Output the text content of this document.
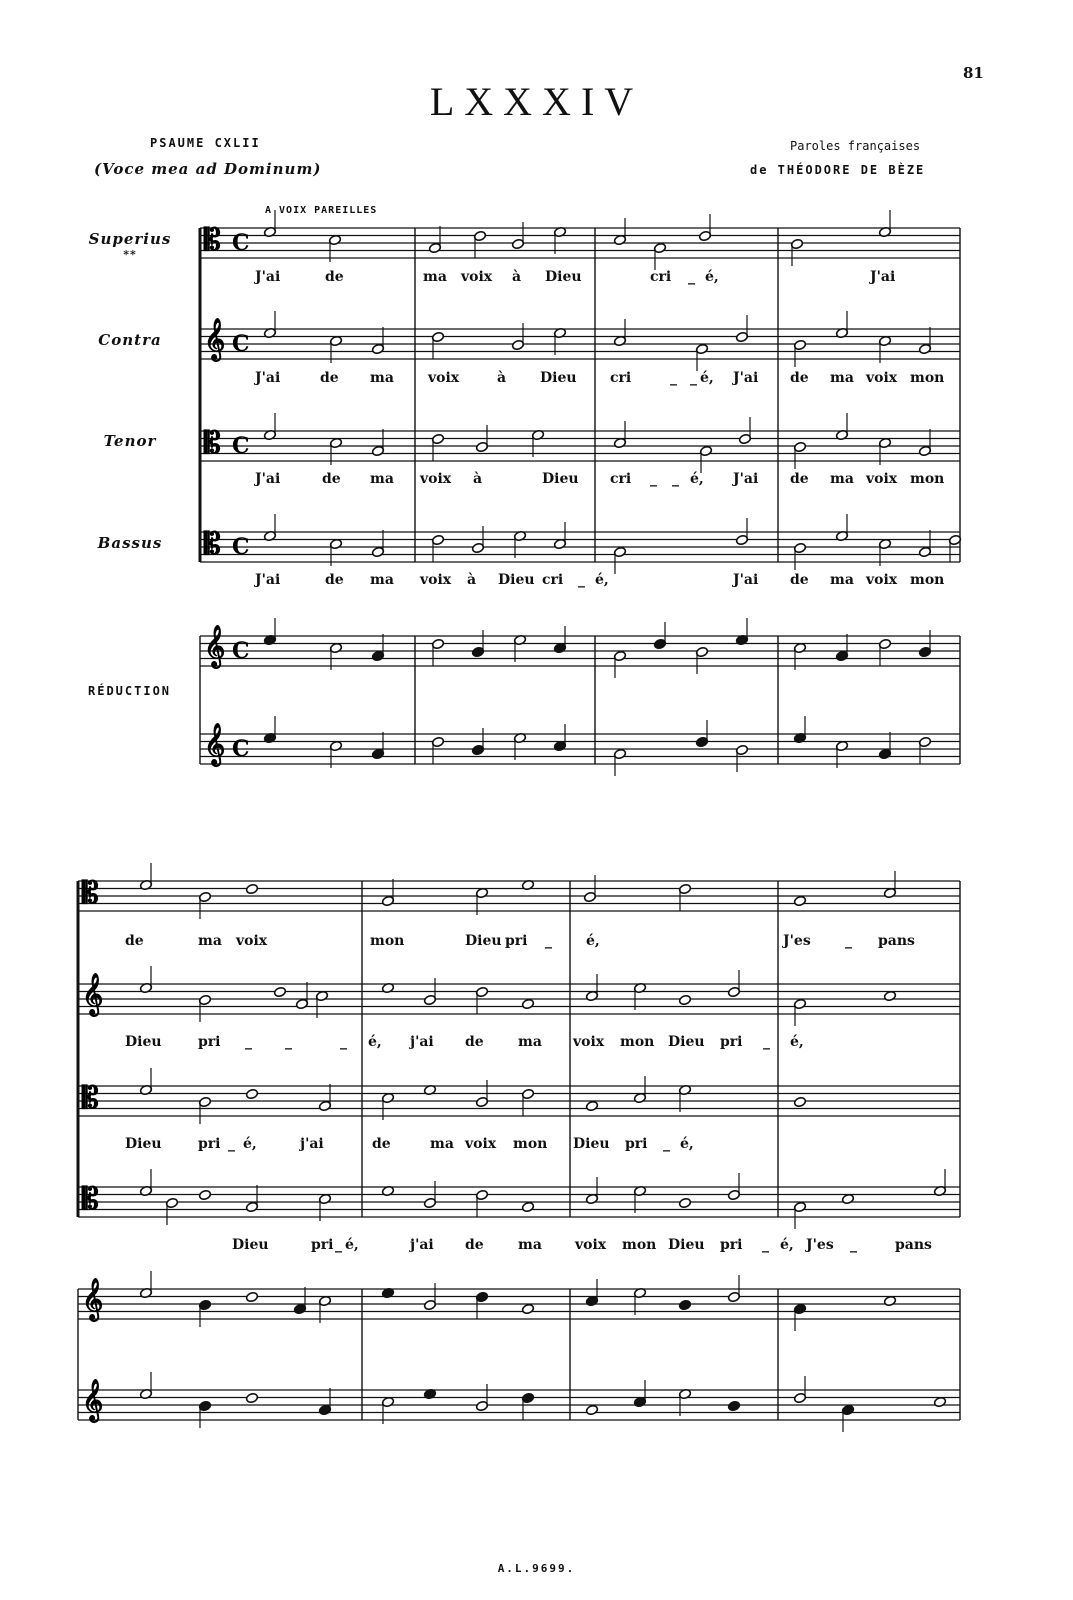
81
LXXXIV
PSAUME CXLII
(Voce mea ad Dominum)
Paroles françaises
de THÉODORE DE BÈZE
A VOIX PAREILLES
Superius
**
Contra
Tenor
Bassus
RÉDUCTION
𝄡 C
𝄞 C
𝄡 C
𝄡 C
𝄞 C
𝄞 C
𝄡
𝄞
𝄡
𝄡
𝄞
𝄞
J'ai	de	ma voix à Dieu	cri _ é,	J'ai
J'ai	de ma voix	à Dieu cri	_ _ é, J'ai de ma voix mon
J'ai	de ma voix à	Dieu cri _ _ é, J'ai de ma voix mon
J'ai	de ma voix à Dieu cri _ é,	J'ai de ma voix mon
de	ma voix	mon	Dieu pri _ é,	J'es _ pans
Dieu	pri _ _	_ é, j'ai de ma voix mon Dieu pri _ é,
Dieu	pri _ é,	j'ai	de	ma voix mon Dieu pri _ é,
Dieu	pri _ é,	j'ai de ma voix mon Dieu pri _ é, J'es _	pans
A.L.9699.
